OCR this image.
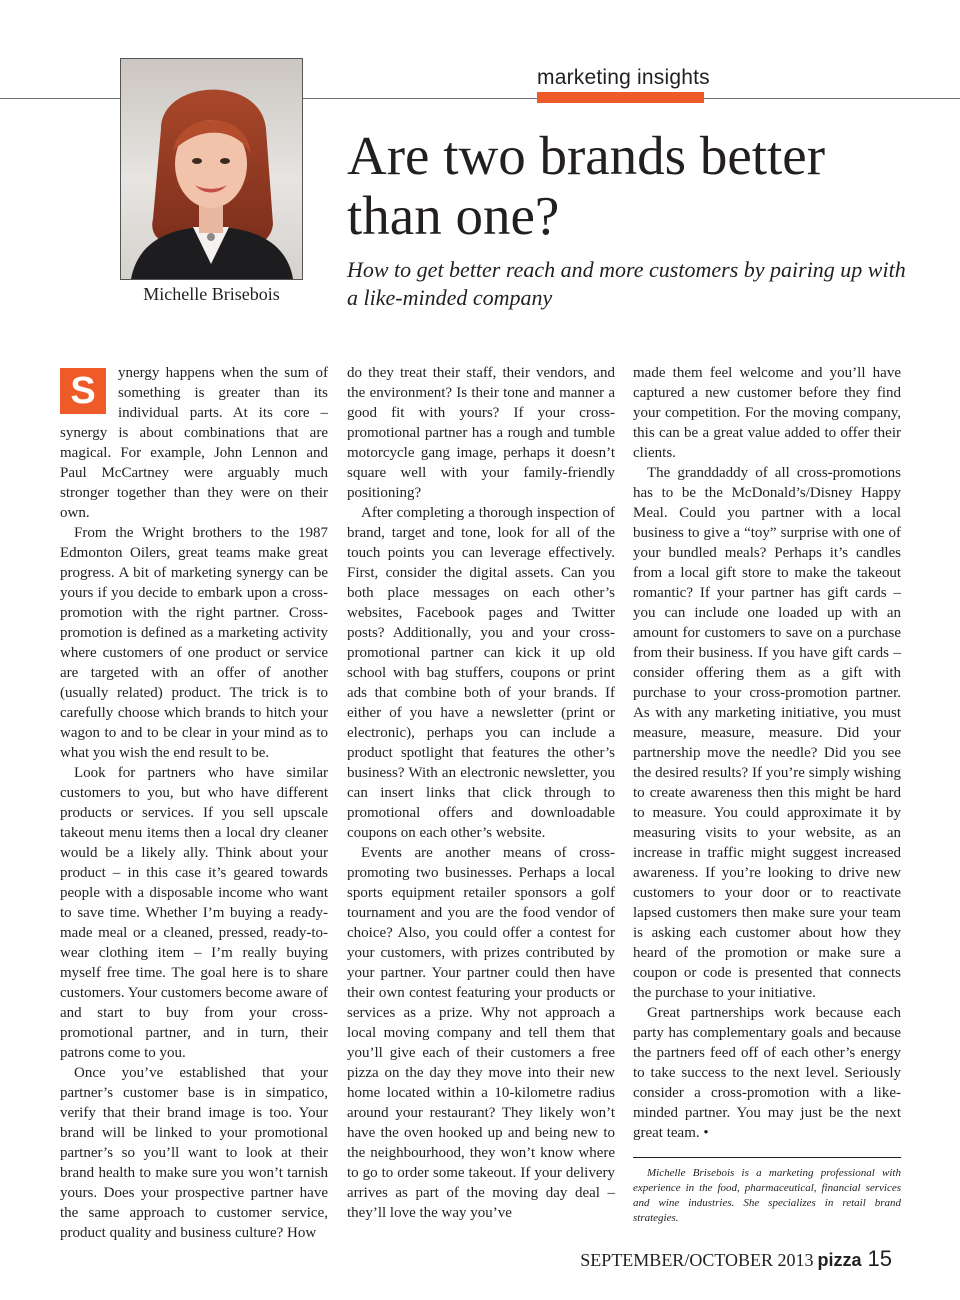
marketing insights
Michelle Brisebois
Are two brands better than one?

How to get better reach and more customers by pairing up with a like-minded company

S	ynergy happens when the sum of something is greater than its individual parts. At its core – synergy is about combinations that are magical. For example, John Lennon and Paul McCartney were arguably much stronger together than they were on their own.

From the Wright brothers to the 1987 Edmonton Oilers, great teams make great progress. A bit of marketing synergy can be yours if you decide to embark upon a cross-promotion with the right partner. Cross-promotion is defined as a marketing activity where customers of one product or service are targeted with an offer of another (usually related) product. The trick is to carefully choose which brands to hitch your wagon to and to be clear in your mind as to what you wish the end result to be.

Look for partners who have similar customers to you, but who have different products or services. If you sell upscale takeout menu items then a local dry cleaner would be a likely ally. Think about your product – in this case it’s geared towards people with a disposable income who want to save time. Whether I’m buying a ready-made meal or a cleaned, pressed, ready-to-wear clothing item – I’m really buying myself free time. The goal here is to share customers. Your customers become aware of and start to buy from your cross-promotional partner, and in turn, their patrons come to you.

Once you’ve established that your partner’s customer base is in simpatico, verify that their brand image is too. Your brand will be linked to your promotional partner’s so you’ll want to look at their brand health to make sure you won’t tarnish yours. Does your prospective partner have the same approach to customer service, product quality and business culture? How

do they treat their staff, their vendors, and the environment? Is their tone and manner a good fit with yours? If your cross-promotional partner has a rough and tumble motorcycle gang image, perhaps it doesn’t square well with your family-friendly positioning?

After completing a thorough inspection of brand, target and tone, look for all of the touch points you can leverage effectively. First, consider the digital assets. Can you both place messages on each other’s websites, Facebook pages and Twitter posts? Additionally, you and your cross-promotional partner can kick it up old school with bag stuffers, coupons or print ads that combine both of your brands. If either of you have a newsletter (print or electronic), perhaps you can include a product spotlight that features the other’s business? With an electronic newsletter, you can insert links that click through to promotional offers and downloadable coupons on each other’s website.

Events are another means of cross-promoting two businesses. Perhaps a local sports equipment retailer sponsors a golf tournament and you are the food vendor of choice? Also, you could offer a contest for your customers, with prizes contributed by your partner. Your partner could then have their own contest featuring your products or services as a prize. Why not approach a local moving company and tell them that you’ll give each of their customers a free pizza on the day they move into their new home located within a 10-kilometre radius around your restaurant? They likely won’t have the oven hooked up and being new to the neighbourhood, they won’t know where to go to order some takeout. If your delivery arrives as part of the moving day deal – they’ll love the way you’ve

made them feel welcome and you’ll have captured a new customer before they find your competition. For the moving company, this can be a great value added to offer their clients.

The granddaddy of all cross-promotions has to be the McDonald’s/Disney Happy Meal. Could you partner with a local business to give a “toy” surprise with one of your bundled meals? Perhaps it’s candles from a local gift store to make the takeout romantic? If your partner has gift cards – you can include one loaded up with an amount for customers to save on a purchase from their business. If you have gift cards – consider offering them as a gift with purchase to your cross-promotion partner. As with any marketing initiative, you must measure, measure, measure. Did your partnership move the needle? Did you see the desired results? If you’re simply wishing to create awareness then this might be hard to measure. You could approximate it by measuring visits to your website, as an increase in traffic might suggest increased awareness. If you’re looking to drive new customers to your door or to reactivate lapsed customers then make sure your team is asking each customer about how they heard of the promotion or make sure a coupon or code is presented that connects the purchase to your initiative.

Great partnerships work because each party has complementary goals and because the partners feed off of each other’s energy to take success to the next level. Seriously consider a cross-promotion with a like-minded partner. You may just be the next great team. •

Michelle Brisebois is a marketing professional with experience in the food, pharmaceutical, financial services and wine industries. She specializes in retail brand strategies.

SEPTEMBER/OCTOBER 2013 pizza 15
